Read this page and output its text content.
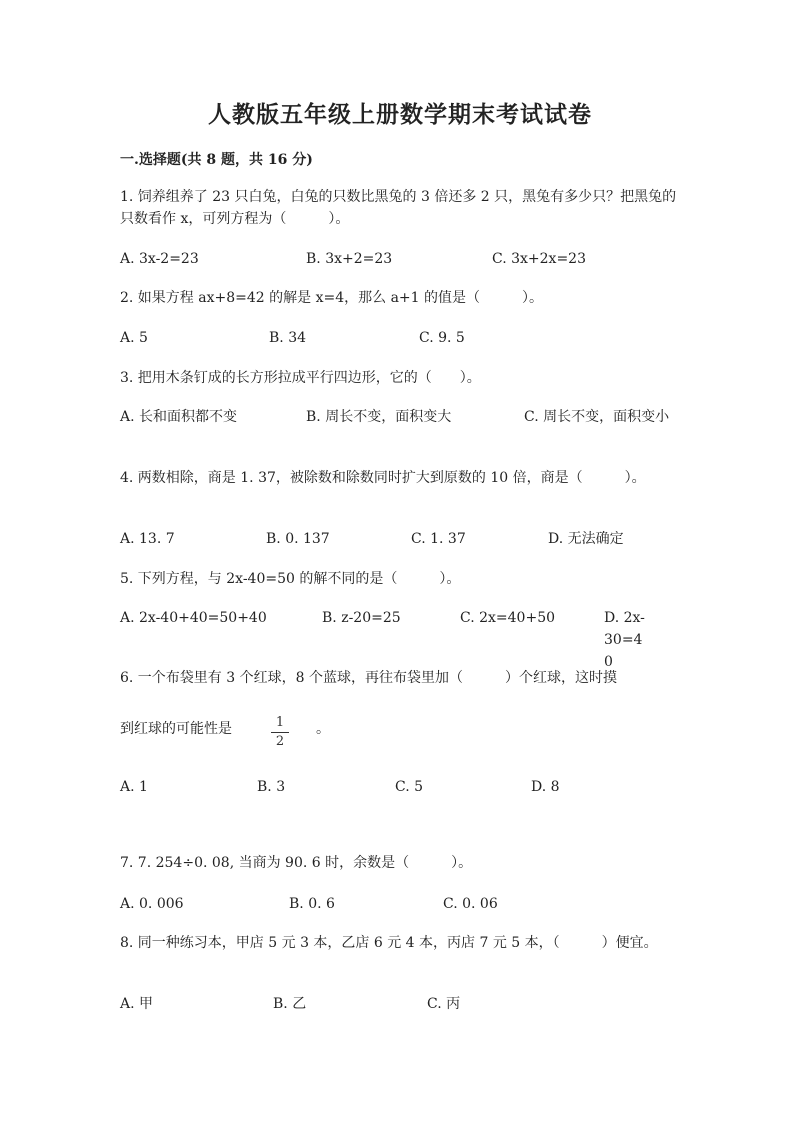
人教版五年级上册数学期末考试试卷
一.选择题(共 8 题，共 16 分)
1. 饲养组养了 23 只白兔，白兔的只数比黑兔的 3 倍还多 2 只，黑兔有多少只？把黑兔的只数看作 x，可列方程为（　　　）。
A. 3x-2=23	B. 3x+2=23	C. 3x+2x=23
2. 如果方程 ax+8=42 的解是 x=4，那么 a+1 的值是（　　　）。
A. 5	B. 34	C. 9. 5
3. 把用木条钉成的长方形拉成平行四边形，它的（　　）。
A. 长和面积都不变	B. 周长不变，面积变大	C. 周长不变，面积变小
4. 两数相除，商是 1. 37，被除数和除数同时扩大到原数的 10 倍，商是（　　　）。
A. 13. 7	B. 0. 137	C. 1. 37	D. 无法确定
5. 下列方程，与 2x-40=50 的解不同的是（　　　）。
A. 2x-40+40=50+40	B. z-20=25	C. 2x=40+50	D. 2x-30=40
6. 一个布袋里有 3 个红球，8 个蓝球，再往布袋里加（　　　）个红球，这时摸
到红球的可能性是	1
2
。
A. 1	B. 3	C. 5	D. 8
7. 7. 254÷0. 08, 当商为 90. 6 时，余数是（　　　）。
A. 0. 006	B. 0. 6	C. 0. 06
8. 同一种练习本，甲店 5 元 3 本，乙店 6 元 4 本，丙店 7 元 5 本，（　　　）便宜。
A. 甲	B. 乙	C. 丙
